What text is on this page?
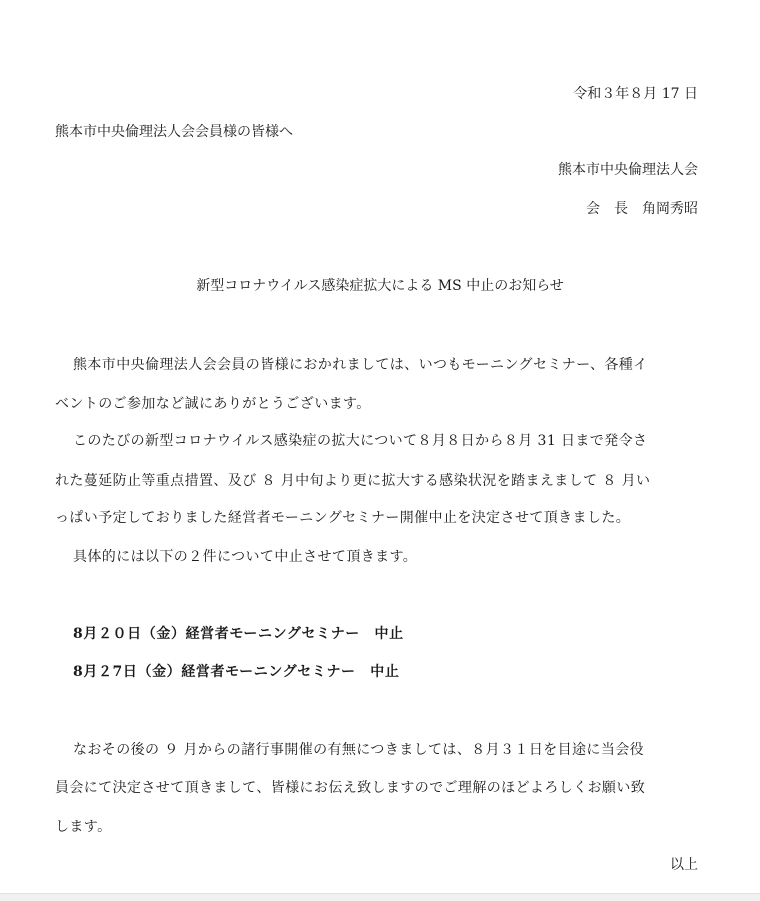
令和３年８月 17 日
熊本市中央倫理法人会会員様の皆様へ
熊本市中央倫理法人会
会　長　角岡秀昭
新型コロナウイルス感染症拡大による MS 中止のお知らせ
熊本市中央倫理法人会会員の皆様におかれましては、いつもモーニングセミナー、各種イ
ベントのご参加など誠にありがとうございます。
このたびの新型コロナウイルス感染症の拡大について８月８日から８月 31 日まで発令さ
れた蔓延防止等重点措置、及び ８ 月中旬より更に拡大する感染状況を踏まえまして ８ 月い
っぱい予定しておりました経営者モーニングセミナー開催中止を決定させて頂きました。
具体的には以下の２件について中止させて頂きます。
8月２０日（金）経営者モーニングセミナー　中止
8月２7日（金）経営者モーニングセミナー　中止
なおその後の ９ 月からの諸行事開催の有無につきましては、８月３１日を目途に当会役
員会にて決定させて頂きまして、皆様にお伝え致しますのでご理解のほどよろしくお願い致
します。
以上
